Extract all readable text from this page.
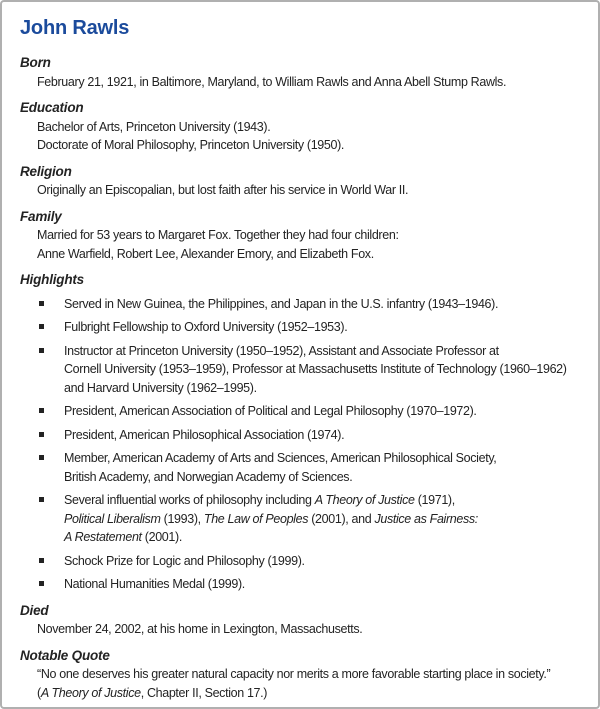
John Rawls
Born
February 21, 1921, in Baltimore, Maryland, to William Rawls and Anna Abell Stump Rawls.
Education
Bachelor of Arts, Princeton University (1943).
Doctorate of Moral Philosophy, Princeton University (1950).
Religion
Originally an Episcopalian, but lost faith after his service in World War II.
Family
Married for 53 years to Margaret Fox. Together they had four children:
Anne Warfield, Robert Lee, Alexander Emory, and Elizabeth Fox.
Highlights
Served in New Guinea, the Philippines, and Japan in the U.S. infantry (1943–1946).
Fulbright Fellowship to Oxford University (1952–1953).
Instructor at Princeton University (1950–1952), Assistant and Associate Professor at
Cornell University (1953–1959), Professor at Massachusetts Institute of Technology (1960–1962)
and Harvard University (1962–1995).
President, American Association of Political and Legal Philosophy (1970–1972).
President, American Philosophical Association (1974).
Member, American Academy of Arts and Sciences, American Philosophical Society,
British Academy, and Norwegian Academy of Sciences.
Several influential works of philosophy including A Theory of Justice (1971),
Political Liberalism (1993), The Law of Peoples (2001), and Justice as Fairness:
A Restatement (2001).
Schock Prize for Logic and Philosophy (1999).
National Humanities Medal (1999).
Died
November 24, 2002, at his home in Lexington, Massachusetts.
Notable Quote
“No one deserves his greater natural capacity nor merits a more favorable starting place in society.”
(A Theory of Justice, Chapter II, Section 17.)
